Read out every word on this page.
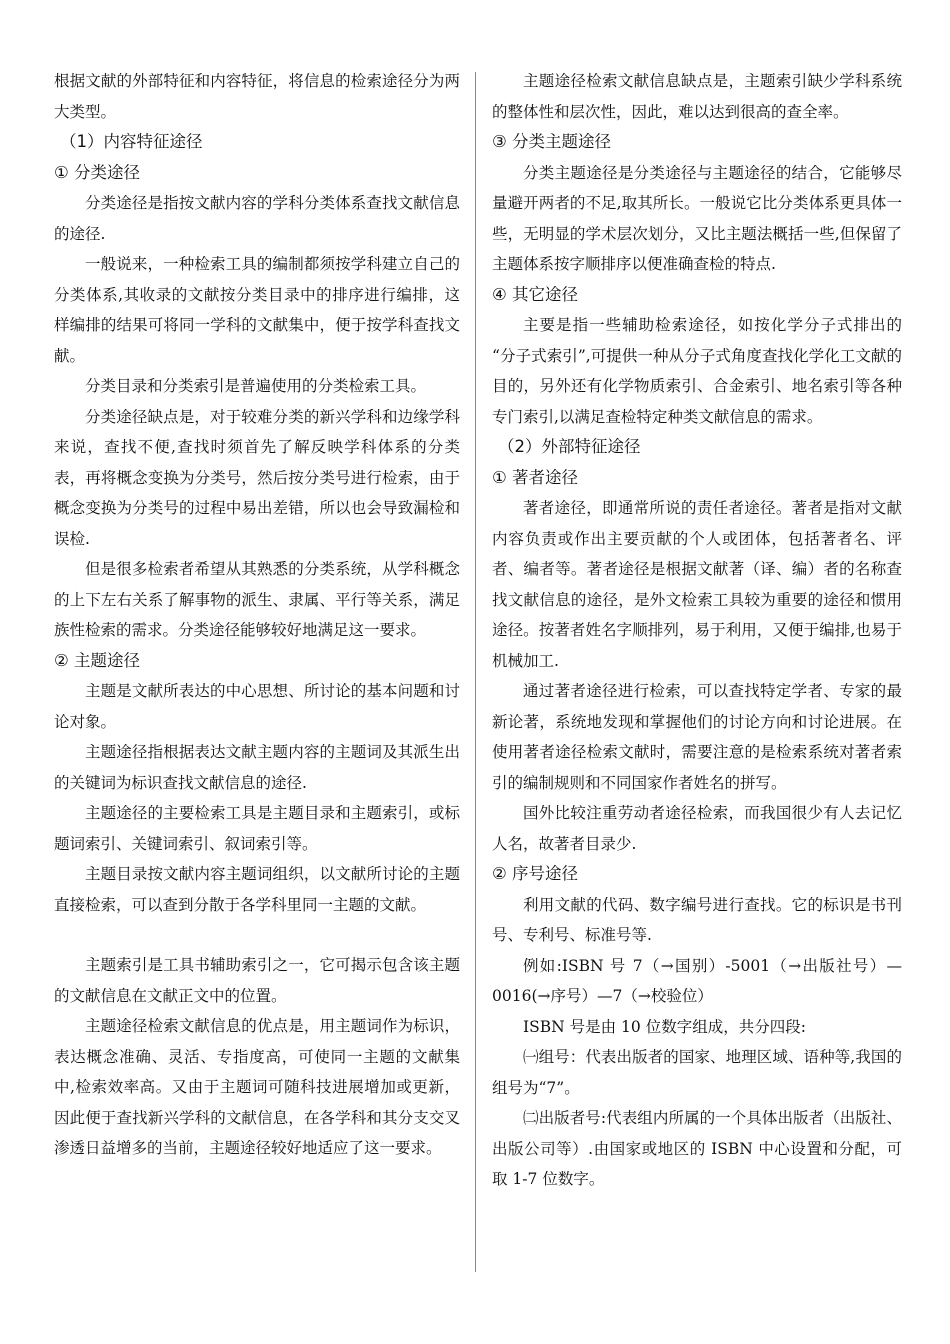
根据文献的外部特征和内容特征，将信息的检索途径分为两大类型。

（1）内容特征途径
① 分类途径

分类途径是指按文献内容的学科分类体系查找文献信息的途径.

一般说来，一种检索工具的编制都须按学科建立自己的分类体系,其收录的文献按分类目录中的排序进行编排，这样编排的结果可将同一学科的文献集中，便于按学科查找文献。

分类目录和分类索引是普遍使用的分类检索工具。

分类途径缺点是，对于较难分类的新兴学科和边缘学科来说，查找不便,查找时须首先了解反映学科体系的分类表，再将概念变换为分类号，然后按分类号进行检索，由于概念变换为分类号的过程中易出差错，所以也会导致漏检和误检.

但是很多检索者希望从其熟悉的分类系统，从学科概念的上下左右关系了解事物的派生、隶属、平行等关系，满足族性检索的需求。分类途径能够较好地满足这一要求。

② 主题途径

主题是文献所表达的中心思想、所讨论的基本问题和讨论对象。

主题途径指根据表达文献主题内容的主题词及其派生出的关键词为标识查找文献信息的途径.

主题途径的主要检索工具是主题目录和主题索引，或标题词索引、关键词索引、叙词索引等。

主题目录按文献内容主题词组织，以文献所讨论的主题直接检索，可以查到分散于各学科里同一主题的文献。

主题索引是工具书辅助索引之一，它可揭示包含该主题的文献信息在文献正文中的位置。

主题途径检索文献信息的优点是，用主题词作为标识，表达概念准确、灵活、专指度高，可使同一主题的文献集中,检索效率高。又由于主题词可随科技进展增加或更新，因此便于查找新兴学科的文献信息，在各学科和其分支交叉渗透日益增多的当前，主题途径较好地适应了这一要求。

主题途径检索文献信息缺点是，主题索引缺少学科系统的整体性和层次性，因此，难以达到很高的查全率。

③ 分类主题途径

分类主题途径是分类途径与主题途径的结合，它能够尽量避开两者的不足,取其所长。一般说它比分类体系更具体一些，无明显的学术层次划分，又比主题法概括一些,但保留了主题体系按字顺排序以便准确查检的特点.

④ 其它途径

主要是指一些辅助检索途径，如按化学分子式排出的 “分子式索引”,可提供一种从分子式角度查找化学化工文献的目的，另外还有化学物质索引、合金索引、地名索引等各种专门索引,以满足查检特定种类文献信息的需求。

（2）外部特征途径
① 著者途径

著者途径，即通常所说的责任者途径。著者是指对文献内容负责或作出主要贡献的个人或团体，包括著者名、评者、编者等。著者途径是根据文献著（译、编）者的名称查找文献信息的途径，是外文检索工具较为重要的途径和惯用途径。按著者姓名字顺排列，易于利用，又便于编排,也易于机械加工.

通过著者途径进行检索，可以查找特定学者、专家的最新论著，系统地发现和掌握他们的讨论方向和讨论进展。在使用著者途径检索文献时，需要注意的是检索系统对著者索引的编制规则和不同国家作者姓名的拼写。

国外比较注重劳动者途径检索，而我国很少有人去记忆人名，故著者目录少.

② 序号途径

利用文献的代码、数字编号进行查找。它的标识是书刊号、专利号、标准号等.

例如:ISBN 号 7（→国别）-5001（→出版社号）—0016(→序号）—7（→校验位）

ISBN 号是由 10 位数字组成，共分四段:

㈠组号：代表出版者的国家、地理区域、语种等,我国的组号为“7”。

㈡出版者号:代表组内所属的一个具体出版者（出版社、出版公司等）.由国家或地区的 ISBN 中心设置和分配，可取 1-7 位数字。
